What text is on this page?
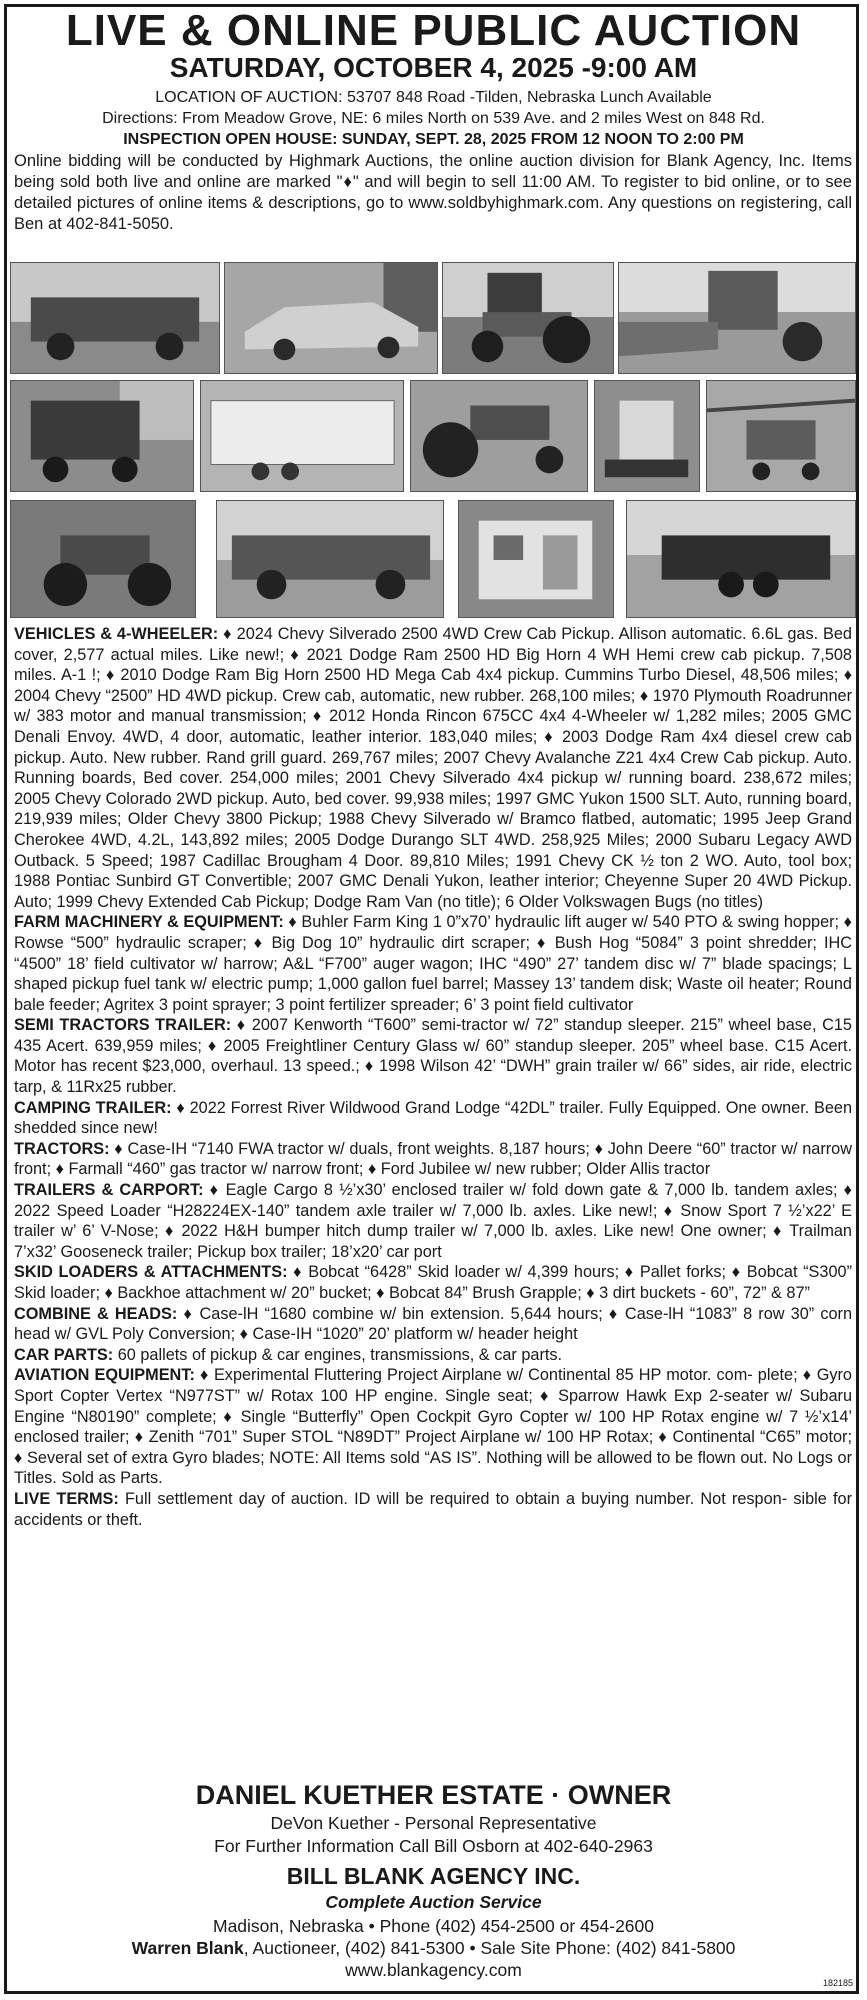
LIVE & ONLINE PUBLIC AUCTION
SATURDAY, OCTOBER 4, 2025 -9:00 AM
LOCATION OF AUCTION: 53707 848 Road -Tilden, Nebraska Lunch Available
Directions: From Meadow Grove, NE: 6 miles North on 539 Ave. and 2 miles West on 848 Rd.
INSPECTION OPEN HOUSE: SUNDAY, SEPT. 28, 2025 FROM 12 NOON TO 2:00 PM
Online bidding will be conducted by Highmark Auctions, the online auction division for Blank Agency, Inc. Items being sold both live and online are marked "♦" and will begin to sell 11:00 AM. To register to bid online, or to see detailed pictures of online items & descriptions, go to www.soldbyhighmark.com. Any questions on registering, call Ben at 402-841-5050.

VEHICLES & 4-WHEELER: ♦ 2024 Chevy Silverado 2500 4WD Crew Cab Pickup. Allison automatic. 6.6L gas. Bed cover, 2,577 actual miles. Like new!; ♦ 2021 Dodge Ram 2500 HD Big Horn 4 WH Hemi crew cab pickup. 7,508 miles. A-1 !; ♦ 2010 Dodge Ram Big Horn 2500 HD Mega Cab 4x4 pickup. Cummins Turbo Diesel, 48,506 miles; ♦ 2004 Chevy “2500” HD 4WD pickup. Crew cab, automatic, new rubber. 268,100 miles; ♦ 1970 Plymouth Roadrunner w/ 383 motor and manual transmission; ♦ 2012 Honda Rincon 675CC 4x4 4-Wheeler w/ 1,282 miles; 2005 GMC Denali Envoy. 4WD, 4 door, automatic, leather interior. 183,040 miles; ♦ 2003 Dodge Ram 4x4 diesel crew cab pickup. Auto. New rubber. Rand grill guard. 269,767 miles; 2007 Chevy Avalanche Z21 4x4 Crew Cab pickup. Auto. Running boards, Bed cover. 254,000 miles; 2001 Chevy Silverado 4x4 pickup w/ running board. 238,672 miles; 2005 Chevy Colorado 2WD pickup. Auto, bed cover. 99,938 miles; 1997 GMC Yukon 1500 SLT. Auto, running board, 219,939 miles; Older Chevy 3800 Pickup; 1988 Chevy Silverado w/ Bramco flatbed, automatic; 1995 Jeep Grand Cherokee 4WD, 4.2L, 143,892 miles; 2005 Dodge Durango SLT 4WD. 258,925 Miles; 2000 Subaru Legacy AWD Outback. 5 Speed; 1987 Cadillac Brougham 4 Door. 89,810 Miles; 1991 Chevy CK ½ ton 2 WO. Auto, tool box; 1988 Pontiac Sunbird GT Convertible; 2007 GMC Denali Yukon, leather interior; Cheyenne Super 20 4WD Pickup. Auto; 1999 Chevy Extended Cab Pickup; Dodge Ram Van (no title); 6 Older Volkswagen Bugs (no titles)

FARM MACHINERY & EQUIPMENT: ♦ Buhler Farm King 1 0”x70’ hydraulic lift auger w/ 540 PTO & swing hopper; ♦ Rowse “500” hydraulic scraper; ♦ Big Dog 10” hydraulic dirt scraper; ♦ Bush Hog “5084” 3 point shredder; IHC “4500” 18’ field cultivator w/ harrow; A&L “F700” auger wagon; IHC “490” 27’ tandem disc w/ 7” blade spacings; L shaped pickup fuel tank w/ electric pump; 1,000 gallon fuel barrel; Massey 13’ tandem disk; Waste oil heater; Round bale feeder; Agritex 3 point sprayer; 3 point fertilizer spreader; 6’ 3 point field cultivator

SEMI TRACTORS TRAILER: ♦ 2007 Kenworth “T600” semi-tractor w/ 72” standup sleeper. 215” wheel base, C15 435 Acert. 639,959 miles; ♦ 2005 Freightliner Century Glass w/ 60” standup sleeper. 205” wheel base. C15 Acert. Motor has recent $23,000, overhaul. 13 speed.; ♦ 1998 Wilson 42’ “DWH” grain trailer w/ 66” sides, air ride, electric tarp, & 11Rx25 rubber.

CAMPING TRAILER: ♦ 2022 Forrest River Wildwood Grand Lodge “42DL” trailer. Fully Equipped. One owner. Been shedded since new!

TRACTORS: ♦ Case-IH “7140 FWA tractor w/ duals, front weights. 8,187 hours; ♦ John Deere “60” tractor w/ narrow front; ♦ Farmall “460” gas tractor w/ narrow front; ♦ Ford Jubilee w/ new rubber; Older Allis tractor

TRAILERS & CARPORT: ♦ Eagle Cargo 8 ½’x30’ enclosed trailer w/ fold down gate & 7,000 lb. tandem axles; ♦ 2022 Speed Loader “H28224EX-140” tandem axle trailer w/ 7,000 lb. axles. Like new!; ♦ Snow Sport 7 ½’x22’ E trailer w’ 6’ V-Nose; ♦ 2022 H&H bumper hitch dump trailer w/ 7,000 lb. axles. Like new! One owner; ♦ Trailman 7’x32’ Gooseneck trailer; Pickup box trailer; 18’x20’ car port

SKID LOADERS & ATTACHMENTS: ♦ Bobcat “6428” Skid loader w/ 4,399 hours; ♦ Pallet forks; ♦ Bobcat “S300” Skid loader; ♦ Backhoe attachment w/ 20” bucket; ♦ Bobcat 84” Brush Grapple; ♦ 3 dirt buckets - 60”, 72” & 87”

COMBINE & HEADS: ♦ Case-lH “1680 combine w/ bin extension. 5,644 hours; ♦ Case-lH “1083” 8 row 30” corn head w/ GVL Poly Conversion; ♦ Case-IH “1020” 20’ platform w/ header height

CAR PARTS: 60 pallets of pickup & car engines, transmissions, & car parts.

AVIATION EQUIPMENT: ♦ Experimental Fluttering Project Airplane w/ Continental 85 HP motor. com- plete; ♦ Gyro Sport Copter Vertex “N977ST” w/ Rotax 100 HP engine. Single seat; ♦ Sparrow Hawk Exp 2-seater w/ Subaru Engine “N80190” complete; ♦ Single “Butterfly” Open Cockpit Gyro Copter w/ 100 HP Rotax engine w/ 7 ½’x14’ enclosed trailer; ♦ Zenith “701” Super STOL “N89DT” Project Airplane w/ 100 HP Rotax; ♦ Continental “C65” motor; ♦ Several set of extra Gyro blades; NOTE: All Items sold “AS IS”. Nothing will be allowed to be flown out. No Logs or Titles. Sold as Parts.

LIVE TERMS: Full settlement day of auction. ID will be required to obtain a buying number. Not respon- sible for accidents or theft.

DANIEL KUETHER ESTATE · OWNER
DeVon Kuether - Personal Representative
For Further Information Call Bill Osborn at 402-640-2963
BILL BLANK AGENCY INC.
Complete Auction Service
Madison, Nebraska • Phone (402) 454-2500 or 454-2600
Warren Blank, Auctioneer, (402) 841-5300 • Sale Site Phone: (402) 841-5800
www.blankagency.com
182185
